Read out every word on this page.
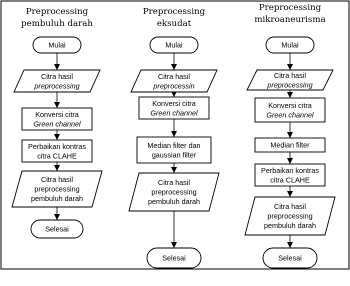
Preprocessing pembuluh darah
Preprocessing eksudat
Preprocessing mikroaneurisma
Mulai
Citra hasil
preprocessing
Konversi citra
Green channel
Perbaikan kontras
citra CLAHE
Citra hasil
preprocessing
pembuluh darah
Selesai
Mulai
Citra hasil
preprocessin
Konversi citra
Green channel
Median filter dan
gaussian filter
Citra hasil
preprocessing
pembuluh darah
Selesai
Mulai
Citra hasil
preprocessing
Konversi citra
Green channel
Median filter
Perbaikan kontras
citra CLAHE
Citra hasil
preprocessing
pembuluh darah
Selesai
